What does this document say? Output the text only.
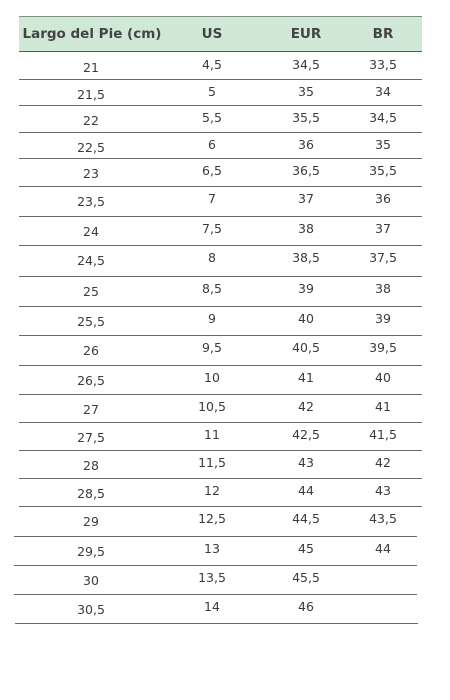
Largo del Pie (cm)	US	EUR	BR
21	4,5	34,5	33,5
21,5	5	35	34
22	5,5	35,5	34,5
22,5	6	36	35
23	6,5	36,5	35,5
23,5	7	37	36
24	7,5	38	37
24,5	8	38,5	37,5
25	8,5	39	38
25,5	9	40	39
26	9,5	40,5	39,5
26,5	10	41	40
27	10,5	42	41
27,5	11	42,5	41,5
28	11,5	43	42
28,5	12	44	43
29	12,5	44,5	43,5
29,5	13	45	44
30	13,5	45,5
30,5	14	46
